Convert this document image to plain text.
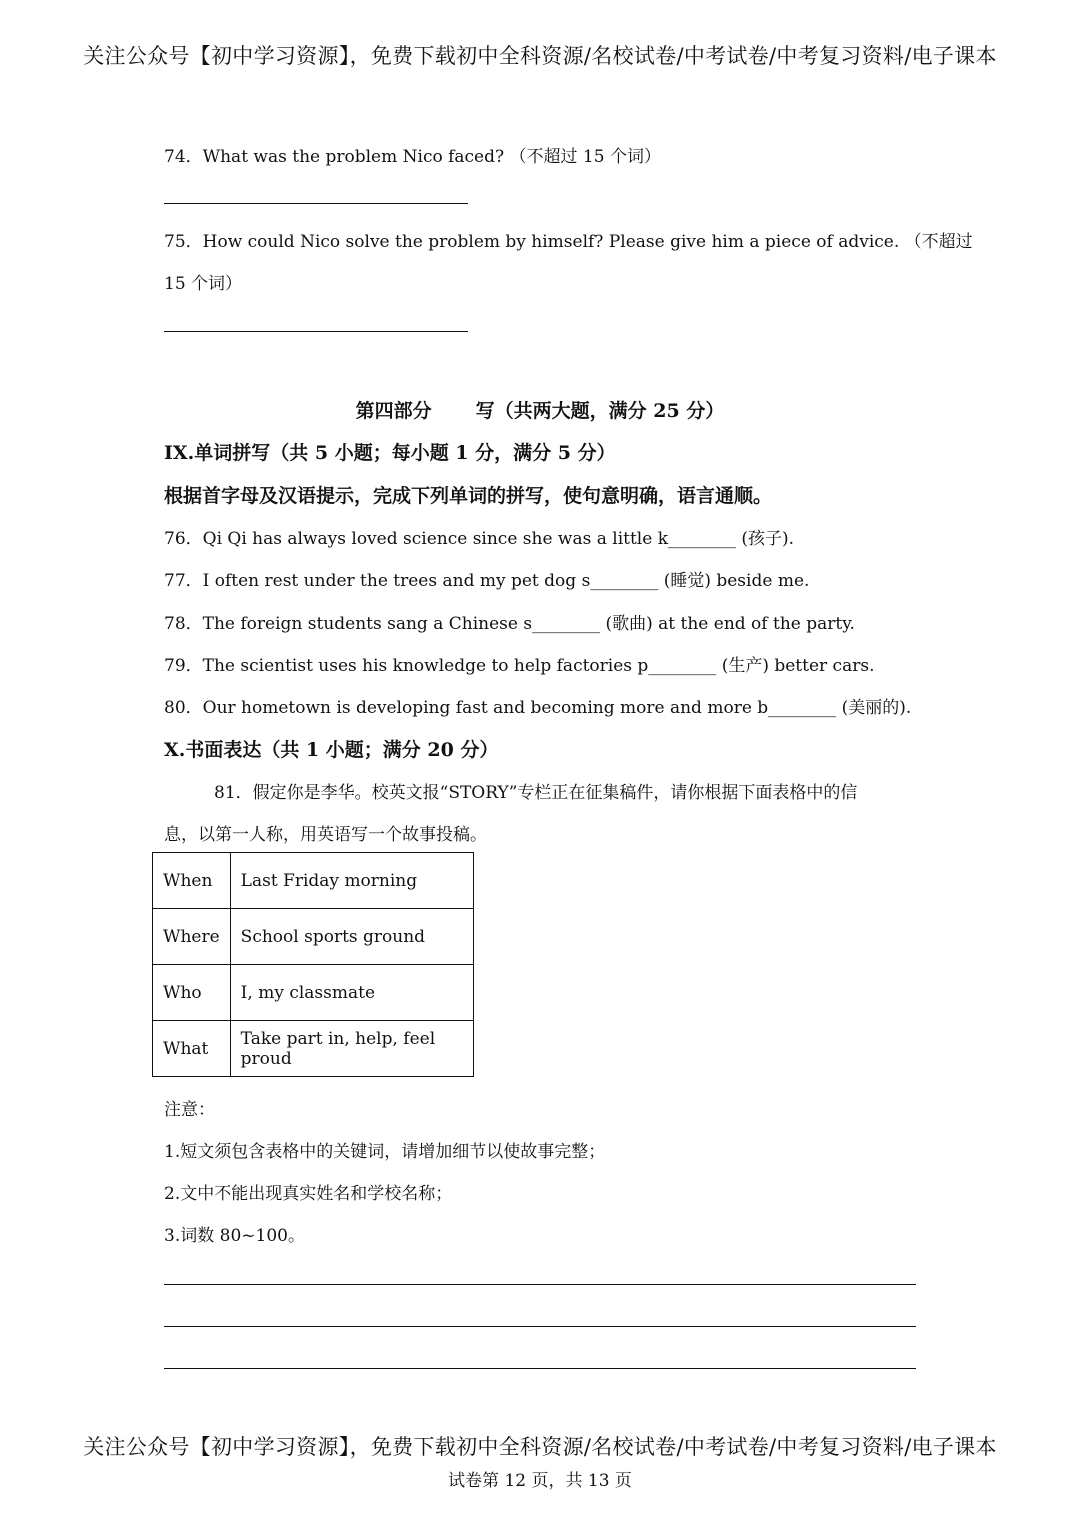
关注公众号【初中学习资源】，免费下载初中全科资源/名校试卷/中考试卷/中考复习资料/电子课本
74．What was the problem Nico faced? （不超过 15 个词）
75．How could Nico solve the problem by himself? Please give him a piece of advice. （不超过
15 个词）
第四部分 写（共两大题，满分 25 分）
IX.单词拼写（共 5 小题；每小题 1 分，满分 5 分）
根据首字母及汉语提示，完成下列单词的拼写，使句意明确，语言通顺。
76．Qi Qi has always loved science since she was a little k________ (孩子).
77．I often rest under the trees and my pet dog s________ (睡觉) beside me.
78．The foreign students sang a Chinese s________ (歌曲) at the end of the party.
79．The scientist uses his knowledge to help factories p________ (生产) better cars.
80．Our hometown is developing fast and becoming more and more b________ (美丽的).
X.书面表达（共 1 小题；满分 20 分）
81．假定你是李华。校英文报“STORY”专栏正在征集稿件，请你根据下面表格中的信
息，以第一人称，用英语写一个故事投稿。
When	Last Friday morning
Where	School sports ground
Who	I, my classmate
What	Take part in, help, feel proud
注意：
1.短文须包含表格中的关键词，请增加细节以使故事完整；
2.文中不能出现真实姓名和学校名称；
3.词数 80~100。
关注公众号【初中学习资源】，免费下载初中全科资源/名校试卷/中考试卷/中考复习资料/电子课本
试卷第 12 页，共 13 页
